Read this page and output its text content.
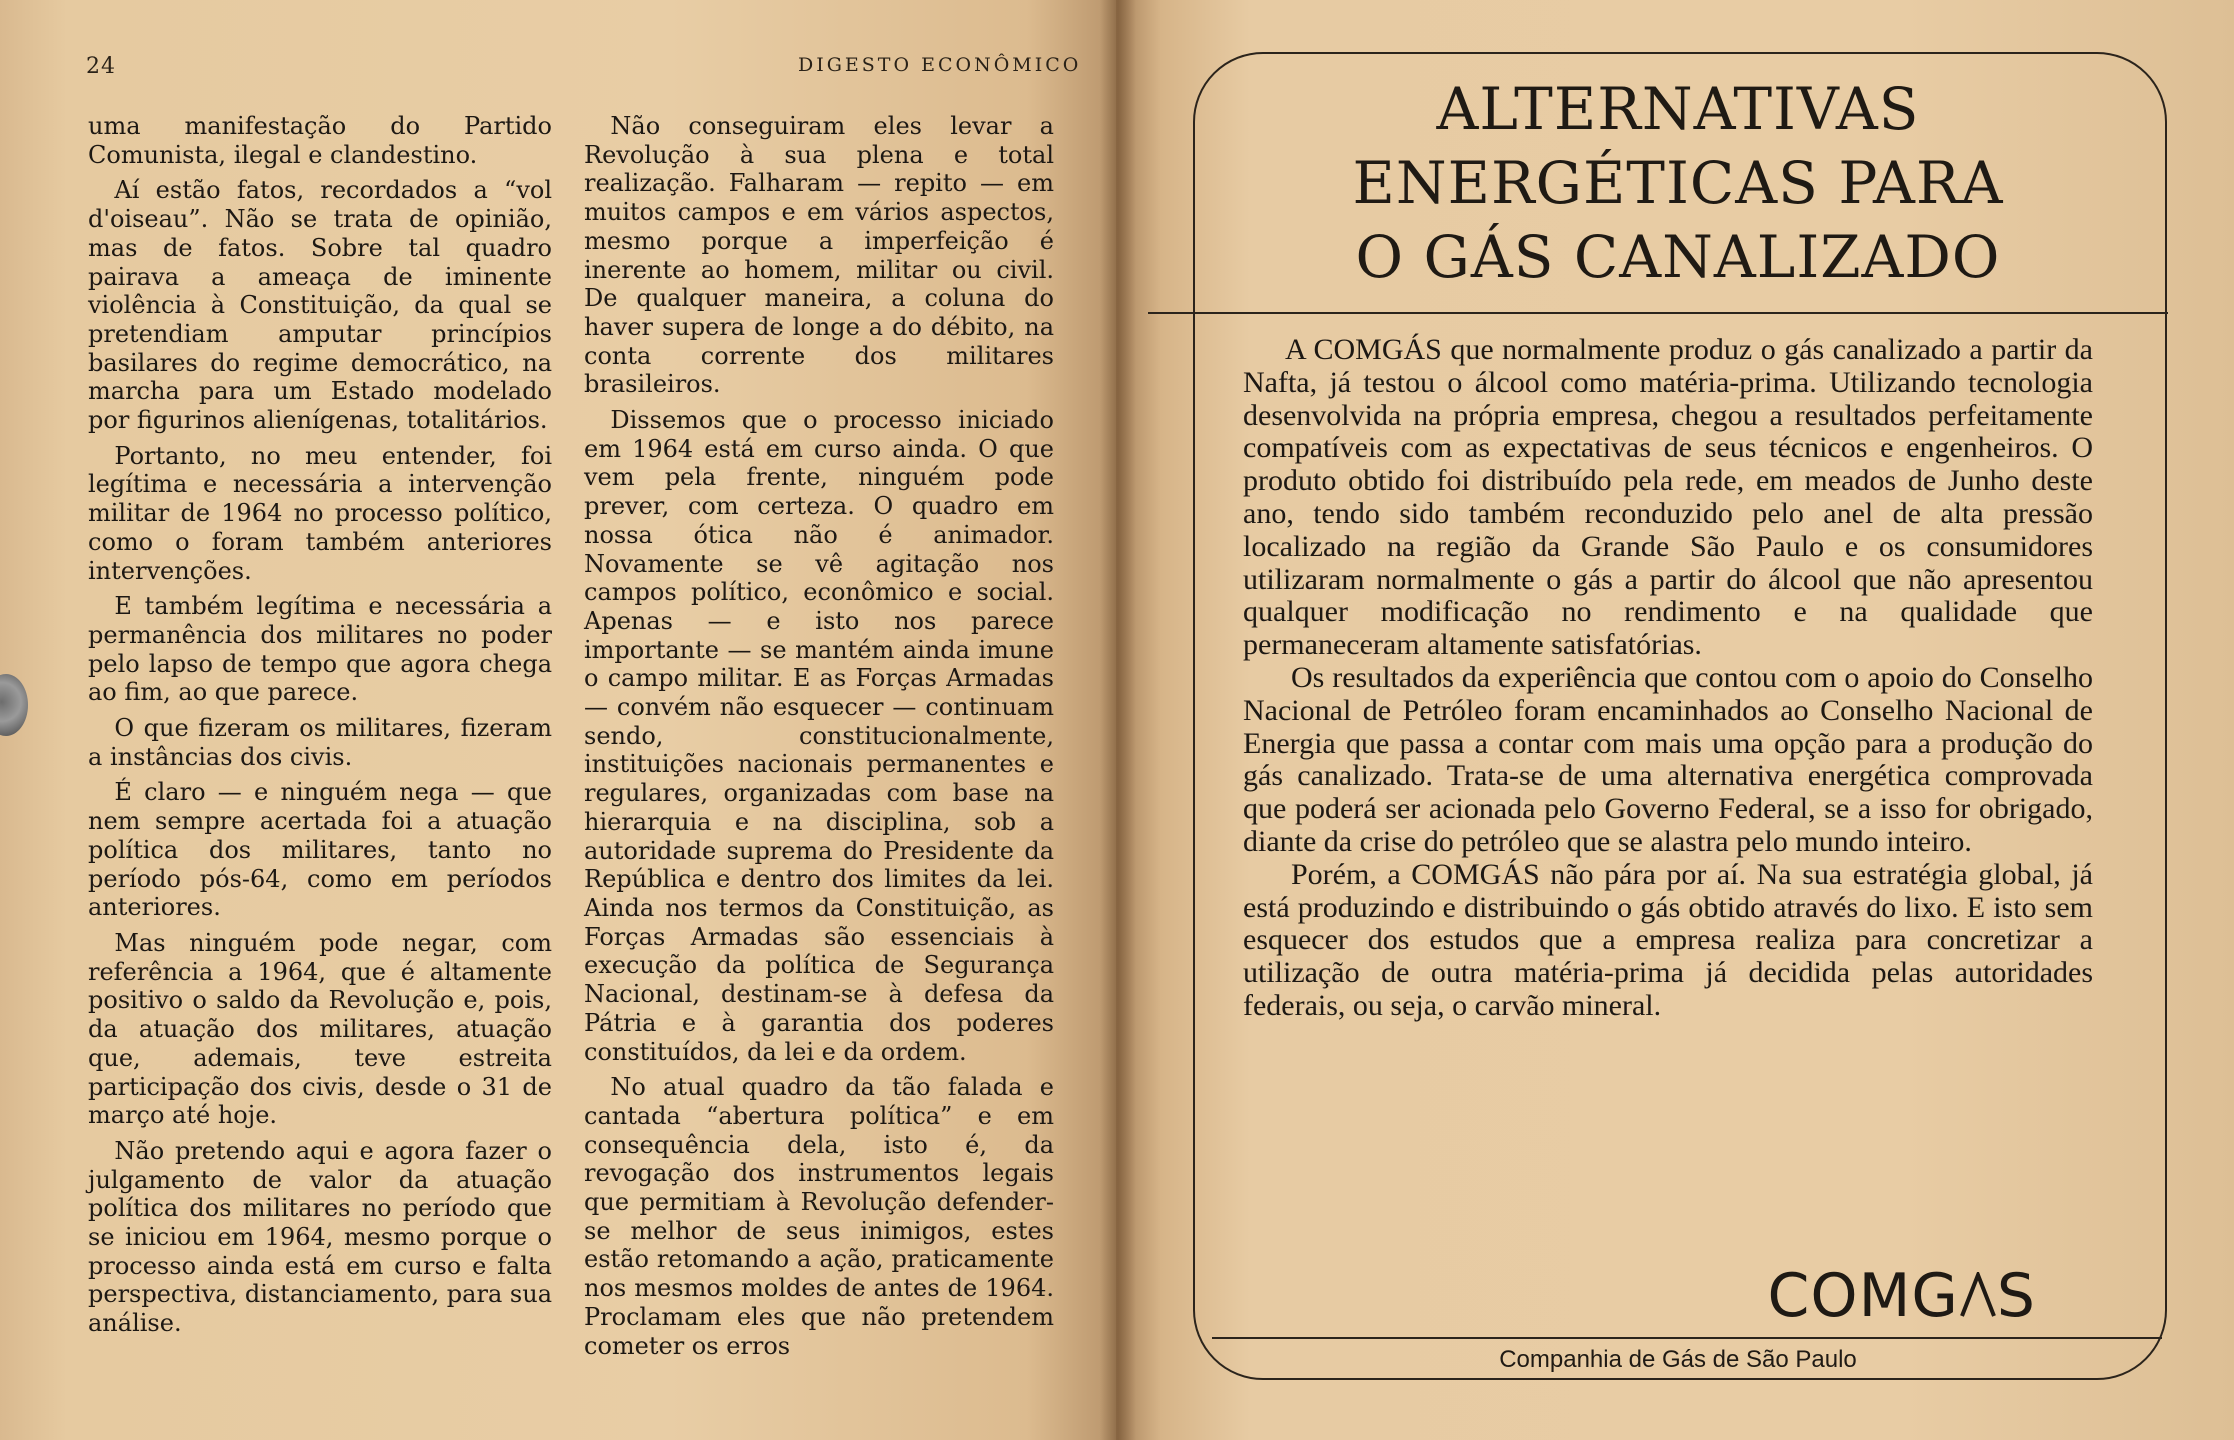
24	DIGESTO ECONÔMICO

uma manifestação do Partido Comunista, ilegal e clandestino.

Aí estão fatos, recordados a “vol d'oiseau”. Não se trata de opinião, mas de fatos. Sobre tal quadro pairava a ameaça de iminente violência à Constituição, da qual se pretendiam amputar princípios basilares do regime democrático, na marcha para um Estado modelado por figurinos alienígenas, totalitários.

Portanto, no meu entender, foi legítima e necessária a intervenção militar de 1964 no processo político, como o foram também anteriores intervenções.

E também legítima e necessária a permanência dos militares no poder pelo lapso de tempo que agora chega ao fim, ao que parece.

O que fizeram os militares, fizeram a instâncias dos civis.

É claro — e ninguém nega — que nem sempre acertada foi a atuação política dos militares, tanto no período pós-64, como em períodos anteriores.

Mas ninguém pode negar, com referência a 1964, que é altamente positivo o saldo da Revolução e, pois, da atuação dos militares, atuação que, ademais, teve estreita participação dos civis, desde o 31 de março até hoje.

Não pretendo aqui e agora fazer o julgamento de valor da atuação política dos militares no período que se iniciou em 1964, mesmo porque o processo ainda está em curso e falta perspectiva, distanciamento, para sua análise.

Não conseguiram eles levar a Revolução à sua plena e total realização. Falharam — repito — em muitos campos e em vários aspectos, mesmo porque a imperfeição é inerente ao homem, militar ou civil. De qualquer maneira, a coluna do haver supera de longe a do débito, na conta corrente dos militares brasileiros.

Dissemos que o processo iniciado em 1964 está em curso ainda. O que vem pela frente, ninguém pode prever, com certeza. O quadro em nossa ótica não é animador. Novamente se vê agitação nos campos político, econômico e social. Apenas — e isto nos parece importante — se mantém ainda imune o campo militar. E as Forças Armadas — convém não esquecer — continuam sendo, constitucionalmente, instituições nacionais permanentes e regulares, organizadas com base na hierarquia e na disciplina, sob a autoridade suprema do Presidente da República e dentro dos limites da lei. Ainda nos termos da Constituição, as Forças Armadas são essenciais à execução da política de Segurança Nacional, destinam-se à defesa da Pátria e à garantia dos poderes constituídos, da lei e da ordem.

No atual quadro da tão falada e cantada “abertura política” e em consequência dela, isto é, da revogação dos instrumentos legais que permitiam à Revolução defender-se melhor de seus inimigos, estes estão retomando a ação, praticamente nos mesmos moldes de antes de 1964. Proclamam eles que não pretendem cometer os erros

ALTERNATIVAS
ENERGÉTICAS PARA
O GÁS CANALIZADO

A COMGÁS que normalmente produz o gás canalizado a partir da Nafta, já testou o álcool como matéria-prima. Utilizando tecnologia desenvolvida na própria empresa, chegou a resultados perfeitamente compatíveis com as expectativas de seus técnicos e engenheiros. O produto obtido foi distribuído pela rede, em meados de Junho deste ano, tendo sido também reconduzido pelo anel de alta pressão localizado na região da Grande São Paulo e os consumidores utilizaram normalmente o gás a partir do álcool que não apresentou qualquer modificação no rendimento e na qualidade que permaneceram altamente satisfatórias.

Os resultados da experiência que contou com o apoio do Conselho Nacional de Petróleo foram encaminhados ao Conselho Nacional de Energia que passa a contar com mais uma opção para a produção do gás canalizado. Trata-se de uma alternativa energética comprovada que poderá ser acionada pelo Governo Federal, se a isso for obrigado, diante da crise do petróleo que se alastra pelo mundo inteiro.

Porém, a COMGÁS não pára por aí. Na sua estratégia global, já está produzindo e distribuindo o gás obtido através do lixo. E isto sem esquecer dos estudos que a empresa realiza para concretizar a utilização de outra matéria-prima já decidida pelas autoridades federais, ou seja, o carvão mineral.

COMG S
Companhia de Gás de São Paulo
